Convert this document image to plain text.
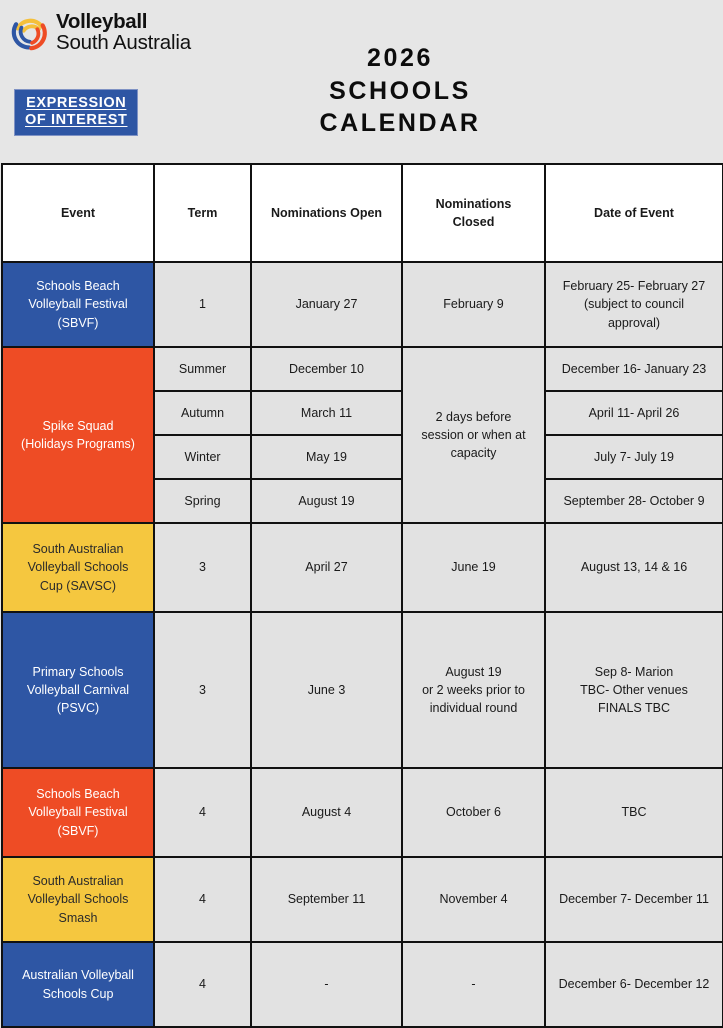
Volleyball
South Australia
EXPRESSION
OF INTEREST
2026
SCHOOLS
CALENDAR
Event	Term	Nominations Open	Nominations
Closed	Date of Event
Schools Beach
Volleyball Festival
(SBVF)	1	January 27	February 9	February 25- February 27
(subject to council
approval)
Spike Squad
(Holidays Programs)	Summer	December 10	2 days before
session or when at
capacity	December 16- January 23
	Autumn	March 11		April 11- April 26
	Winter	May 19		July 7- July 19
	Spring	August 19		September 28- October 9
South Australian
Volleyball Schools
Cup (SAVSC)	3	April 27	June 19	August 13, 14 & 16
Primary Schools
Volleyball Carnival
(PSVC)	3	June 3	August 19
or 2 weeks prior to
individual round	Sep 8- Marion
TBC- Other venues
FINALS TBC
Schools Beach
Volleyball Festival
(SBVF)	4	August 4	October 6	TBC
South Australian
Volleyball Schools
Smash	4	September 11	November 4	December 7- December 11
Australian Volleyball
Schools Cup	4	-	-	December 6- December 12
